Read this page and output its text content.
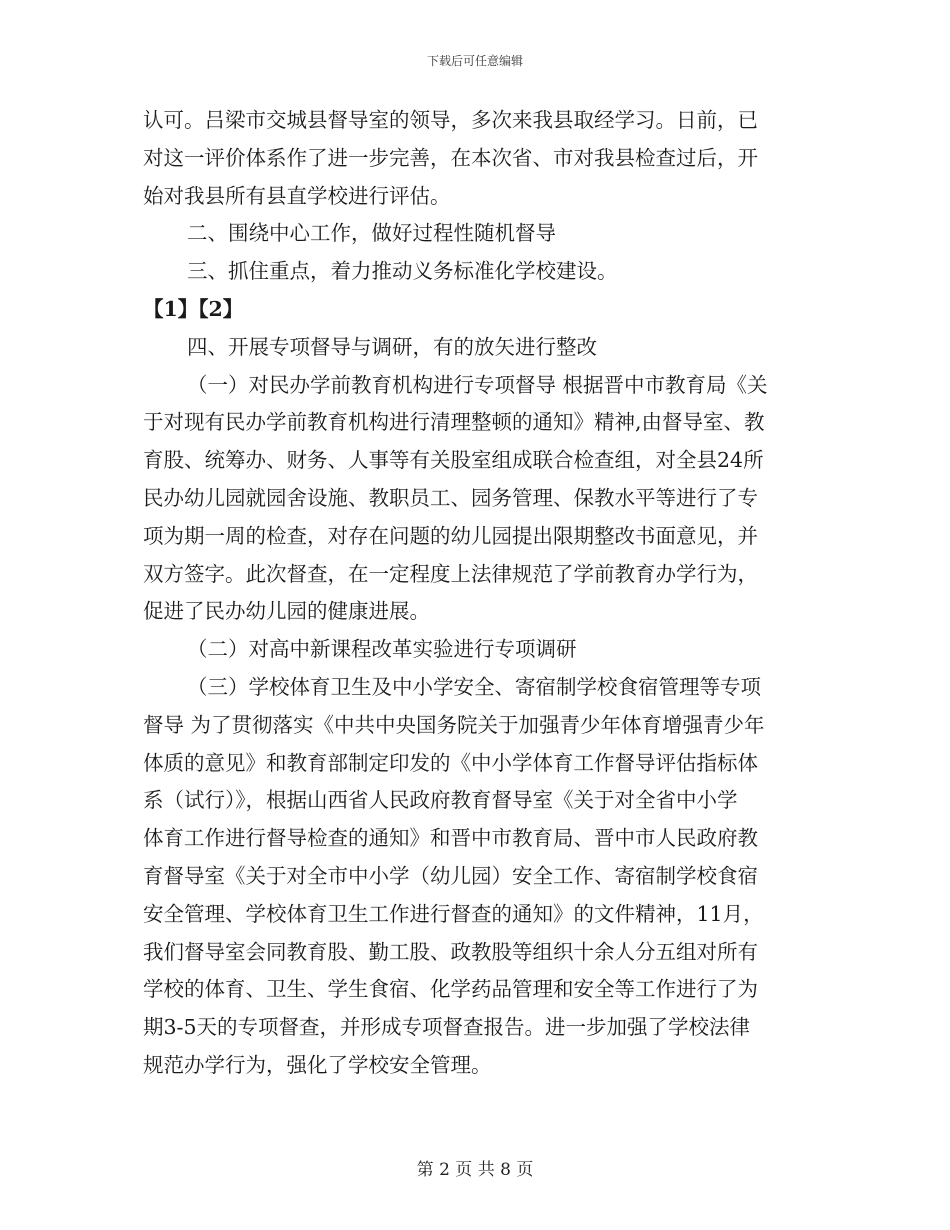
下载后可任意编辑
认可。吕梁市交城县督导室的领导，多次来我县取经学习。日前，已
对这一评价体系作了进一步完善，在本次省、市对我县检查过后，开
始对我县所有县直学校进行评估。
二、围绕中心工作，做好过程性随机督导
三、抓住重点，着力推动义务标准化学校建设。
【1】【2】
四、开展专项督导与调研，有的放矢进行整改
（一）对民办学前教育机构进行专项督导 根据晋中市教育局《关
于对现有民办学前教育机构进行清理整顿的通知》精神,由督导室、教
育股、统筹办、财务、人事等有关股室组成联合检查组，对全县24所
民办幼儿园就园舍设施、教职员工、园务管理、保教水平等进行了专
项为期一周的检查，对存在问题的幼儿园提出限期整改书面意见，并
双方签字。此次督查，在一定程度上法律规范了学前教育办学行为，
促进了民办幼儿园的健康进展。
（二）对高中新课程改革实验进行专项调研
（三）学校体育卫生及中小学安全、寄宿制学校食宿管理等专项
督导 为了贯彻落实《中共中央国务院关于加强青少年体育增强青少年
体质的意见》和教育部制定印发的《中小学体育工作督导评估指标体
系（试行）》，根据山西省人民政府教育督导室《关于对全省中小学
体育工作进行督导检查的通知》和晋中市教育局、晋中市人民政府教
育督导室《关于对全市中小学（幼儿园）安全工作、寄宿制学校食宿
安全管理、学校体育卫生工作进行督查的通知》的文件精神，11月，
我们督导室会同教育股、勤工股、政教股等组织十余人分五组对所有
学校的体育、卫生、学生食宿、化学药品管理和安全等工作进行了为
期3-5天的专项督查，并形成专项督查报告。进一步加强了学校法律
规范办学行为，强化了学校安全管理。
第 2 页 共 8 页
